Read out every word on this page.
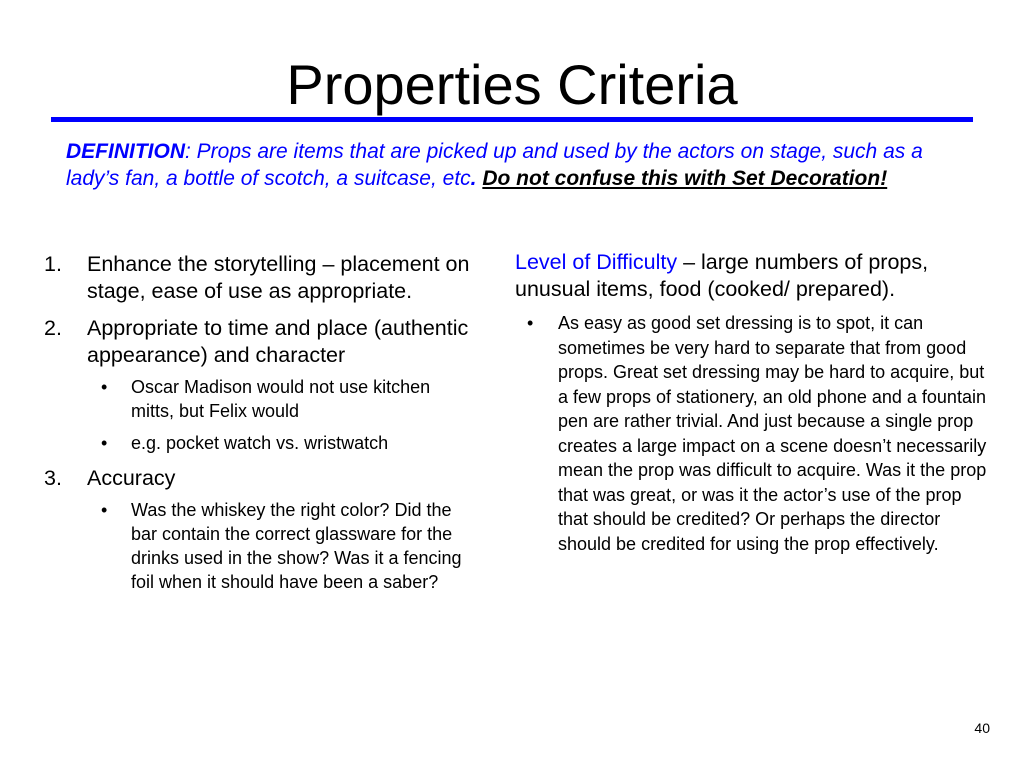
Properties Criteria

DEFINITION: Props are items that are picked up and used by the actors on stage, such as a lady’s fan, a bottle of scotch, a suitcase, etc. Do not confuse this with Set Decoration!

1. Enhance the storytelling – placement on stage, ease of use as appropriate.
2. Appropriate to time and place (authentic appearance) and character
• Oscar Madison would not use kitchen mitts, but Felix would
• e.g. pocket watch vs. wristwatch
3. Accuracy
• Was the whiskey the right color? Did the bar contain the correct glassware for the drinks used in the show? Was it a fencing foil when it should have been a saber?

Level of Difficulty – large numbers of props, unusual items, food (cooked/ prepared).

• As easy as good set dressing is to spot, it can sometimes be very hard to separate that from good props. Great set dressing may be hard to acquire, but a few props of stationery, an old phone and a fountain pen are rather trivial. And just because a single prop creates a large impact on a scene doesn’t necessarily mean the prop was difficult to acquire. Was it the prop that was great, or was it the actor’s use of the prop that should be credited? Or perhaps the director should be credited for using the prop effectively.
40
